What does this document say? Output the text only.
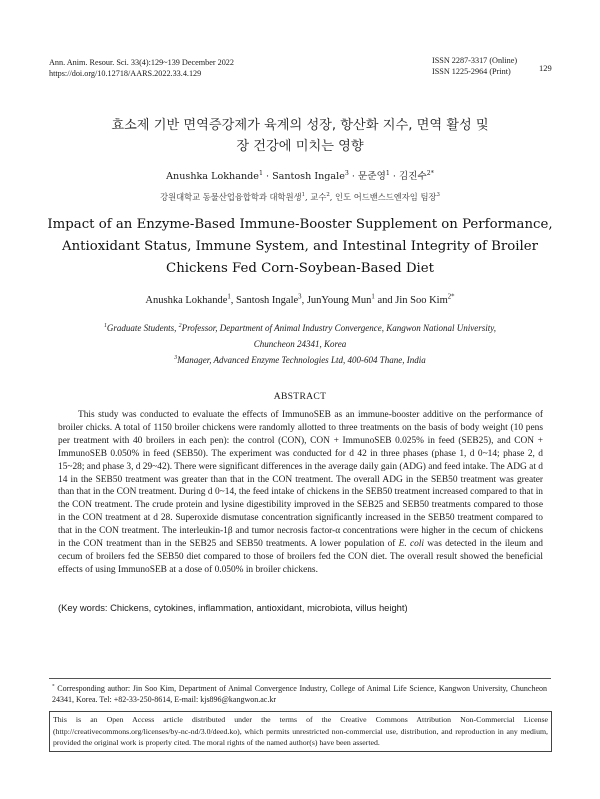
Ann. Anim. Resour. Sci. 33(4):129~139 December 2022
https://doi.org/10.12718/AARS.2022.33.4.129
ISSN 2287-3317 (Online)
ISSN 1225-2964 (Print)	129
효소제 기반 면역증강제가 육계의 성장, 항산화 지수, 면역 활성 및
장 건강에 미치는 영향
Anushka Lokhande$^1$ · Santosh Ingale$^3$ · 문준영$^1$ · 김진수$^{2*}$
강원대학교 동물산업융합학과 대학원생$^1$, 교수$^2$, 인도 어드밴스드엔자임 팀장$^3$
Impact of an Enzyme-Based Immune-Booster Supplement on Performance,
Antioxidant Status, Immune System, and Intestinal Integrity of Broiler
Chickens Fed Corn-Soybean-Based Diet
Anushka Lokhande$^1$, Santosh Ingale$^3$, JunYoung Mun$^1$ and Jin Soo Kim$^{2*}$
$^1$Graduate Students, $^2$Professor, Department of Animal Industry Convergence, Kangwon National University,
Chuncheon 24341, Korea
$^3$Manager, Advanced Enzyme Technologies Ltd, 400-604 Thane, India
ABSTRACT
This study was conducted to evaluate the effects of ImmunoSEB as an immune-booster additive on the performance of broiler chicks. A total of 1150 broiler chickens were randomly allotted to three treatments on the basis of body weight (10 pens per treatment with 40 broilers in each pen): the control (CON), CON + ImmunoSEB 0.025% in feed (SEB25), and CON + ImmunoSEB 0.050% in feed (SEB50). The experiment was conducted for d 42 in three phases (phase 1, d 0~14; phase 2, d 15~28; and phase 3, d 29~42). There were significant differences in the average daily gain (ADG) and feed intake. The ADG at d 14 in the SEB50 treatment was greater than that in the CON treatment. The overall ADG in the SEB50 treatment was greater than that in the CON treatment. During d 0~14, the feed intake of chickens in the SEB50 treatment increased compared to that in the CON treatment. The crude protein and lysine digestibility improved in the SEB25 and SEB50 treatments compared to those in the CON treatment at d 28. Superoxide dismutase concentration significantly increased in the SEB50 treatment compared to that in the CON treatment. The interleukin-1β and tumor necrosis factor-α concentrations were higher in the cecum of chickens in the CON treatment than in the SEB25 and SEB50 treatments. A lower population of E. coli was detected in the ileum and cecum of broilers fed the SEB50 diet compared to those of broilers fed the CON diet. The overall result showed the beneficial effects of using ImmunoSEB at a dose of 0.050% in broiler chickens.
(Key words: Chickens, cytokines, inflammation, antioxidant, microbiota, villus height)
* Corresponding author: Jin Soo Kim, Department of Animal Convergence Industry, College of Animal Life Science, Kangwon University, Chuncheon 24341, Korea. Tel: +82-33-250-8614, E-mail: kjs896@kangwon.ac.kr
This is an Open Access article distributed under the terms of the Creative Commons Attribution Non-Commercial License (http://creativecommons.org/licenses/by-nc-nd/3.0/deed.ko), which permits unrestricted non-commercial use, distribution, and reproduction in any medium, provided the original work is properly cited. The moral rights of the named author(s) have been asserted.
